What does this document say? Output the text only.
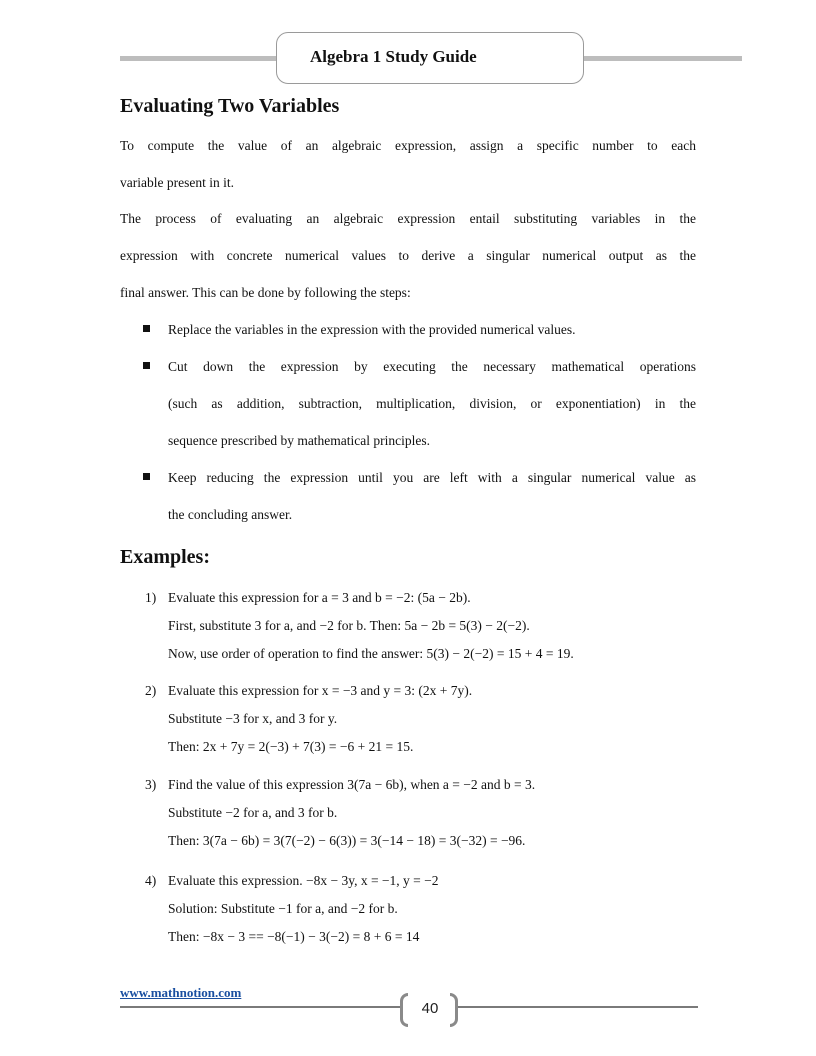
Algebra 1 Study Guide
Evaluating Two Variables
To compute the value of an algebraic expression, assign a specific number to each
variable present in it.
The process of evaluating an algebraic expression entail substituting variables in the
expression with concrete numerical values to derive a singular numerical output as the
final answer. This can be done by following the steps:
Replace the variables in the expression with the provided numerical values.
Cut down the expression by executing the necessary mathematical operations
(such as addition, subtraction, multiplication, division, or exponentiation) in the
sequence prescribed by mathematical principles.
Keep reducing the expression until you are left with a singular numerical value as
the concluding answer.
Examples:
1) Evaluate this expression for a = 3 and b = −2: (5a − 2b).
First, substitute 3 for a, and −2 for b. Then: 5a − 2b = 5(3) − 2(−2).
Now, use order of operation to find the answer: 5(3) − 2(−2) = 15 + 4 = 19.
2) Evaluate this expression for x = −3 and y = 3: (2x + 7y).
Substitute −3 for x, and 3 for y.
Then: 2x + 7y = 2(−3) + 7(3) = −6 + 21 = 15.
3) Find the value of this expression 3(7a − 6b), when a = −2 and b = 3.
Substitute −2 for a, and 3 for b.
Then: 3(7a − 6b) = 3(7(−2) − 6(3)) = 3(−14 − 18) = 3(−32) = −96.
4) Evaluate this expression. −8x − 3y, x = −1, y = −2
Solution: Substitute −1 for a, and −2 for b.
Then: −8x − 3 == −8(−1) − 3(−2) = 8 + 6 = 14
www.mathnotion.com
40
